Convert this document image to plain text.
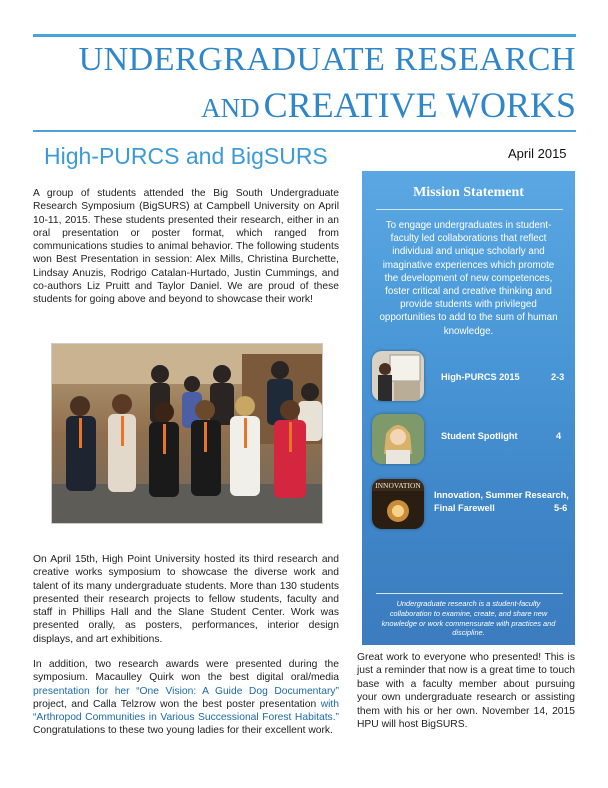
UNDERGRADUATE RESEARCH
AND CREATIVE WORKS
High-PURCS and BigSURS	April 2015
A group of students attended the Big South Undergraduate Research Symposium (BigSURS) at Campbell University on April 10-11, 2015. These students presented their research, either in an oral presentation or poster format, which ranged from communications studies to animal behavior. The following students won Best Presentation in session: Alex Mills, Christina Burchette, Lindsay Anuzis, Rodrigo Catalan-Hurtado, Justin Cummings, and co-authors Liz Pruitt and Taylor Daniel. We are proud of these students for going above and beyond to showcase their work!

On April 15th, High Point University hosted its third research and creative works symposium to showcase the diverse work and talent of its many undergraduate students. More than 130 students presented their research projects to fellow students, faculty and staff in Phillips Hall and the Slane Student Center. Work was presented orally, as posters, performances, interior design displays, and art exhibitions.

In addition, two research awards were presented during the symposium. Macaulley Quirk won the best digital oral/media presentation for her “One Vision: A Guide Dog Documentary” project, and Calla Telzrow won the best poster presentation with “Arthropod Communities in Various Successional Forest Habitats.” Congratulations to these two young ladies for their excellent work.
Mission Statement
To engage undergraduates in student-faculty led collaborations that reflect individual and unique scholarly and imaginative experiences which promote the development of new competences, foster critical and creative thinking and provide students with privileged opportunities to add to the sum of human knowledge.
High-PURCS 2015	2-3
Student Spotlight	4
INNOVATION
Innovation, Summer Research,
Final Farewell	5-6
Undergraduate research is a student-faculty collaboration to examine, create, and share new knowledge or work commensurate with practices and discipline.
Great work to everyone who presented! This is just a reminder that now is a great time to touch base with a faculty member about pursuing your own undergraduate research or assisting them with his or her own. November 14, 2015 HPU will host BigSURS.
